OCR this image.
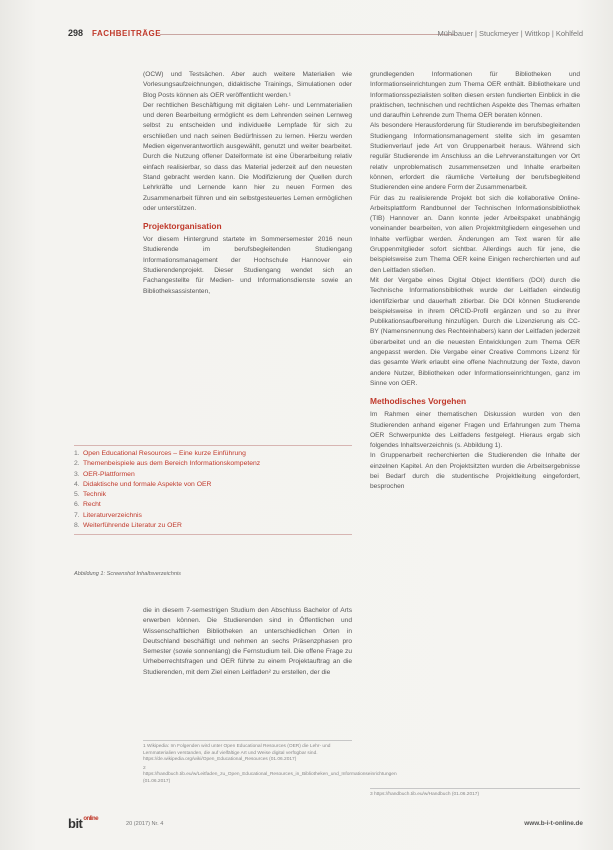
298 FACHBEITRÄGE	Mühlbauer | Stuckmeyer | Wittkop | Kohlfeld

(OCW) und Testsächen. Aber auch weitere Materialien wie Vorlesungsaufzeichnungen, didaktische Trainings, Simulationen oder Blog Posts können als OER veröffentlicht werden.¹

Der rechtlichen Beschäftigung mit digitalen Lehr- und Lernmaterialien und deren Bearbeitung ermöglicht es dem Lehrenden seinen Lernweg selbst zu entscheiden und individuelle Lernpfade für sich zu erschließen und nach seinen Bedürfnissen zu lernen. Hierzu werden Medien eigenverantwortlich ausgewählt, genutzt und weiter bearbeitet. Durch die Nutzung offener Dateiformate ist eine Überarbeitung relativ einfach realisierbar, so dass das Material jederzeit auf den neuesten Stand gebracht werden kann. Die Modifizierung der Quellen durch Lehrkräfte und Lernende kann hier zu neuen Formen des Zusammenarbeit führen und ein selbstgesteuertes Lernen ermöglichen oder unterstützen.

Projektorganisation

Vor diesem Hintergrund startete im Sommersemester 2016 neun Studierende im berufsbegleitenden Studiengang Informationsmanagement der Hochschule Hannover ein Studierendenprojekt. Dieser Studiengang wendet sich an Fachangestellte für Medien- und Informationsdienste sowie an Bibliotheksassistenten,

1. Open Educational Resources – Eine kurze Einführung
2. Themenbeispiele aus dem Bereich Informationskompetenz
3. OER-Plattformen
4. Didaktische und formale Aspekte von OER
5. Technik
6. Recht
7. Literaturverzeichnis
8. Weiterführende Literatur zu OER
Abbildung 1: Screenshot Inhaltsverzeichnis

die in diesem 7-semestrigen Studium den Abschluss Bachelor of Arts erwerben können. Die Studierenden sind in Öffentlichen und Wissenschaftlichen Bibliotheken an unterschiedlichen Orten in Deutschland beschäftigt und nehmen an sechs Präsenzphasen pro Semester (sowie sonnenlang) die Fernstudium teil. Die offene Frage zu Urheberrechtsfragen und OER führte zu einem Projektauftrag an die Studierenden, mit dem Ziel einen Leitfaden² zu erstellen, der die

1 Wikipedia: Im Folgenden wird unter Open Educational Resources (OER) die Lehr- und Lernmaterialien verstanden, die auf vielfältige Art und Weise digital verfügbar sind. https://de.wikipedia.org/wiki/Open_Educational_Resources (01.06.2017)

2 https://handbuch.tib.eu/w/Leitfaden_zu_Open_Educational_Resources_in_Bibliotheken_und_Informationseinrichtungen (01.06.2017)

grundlegenden Informationen für Bibliotheken und Informationseinrichtungen zum Thema OER enthält. Bibliothekare und Informationsspezialisten sollten diesen ersten fundierten Einblick in die praktischen, technischen und rechtlichen Aspekte des Themas erhalten und daraufhin Lehrende zum Thema OER beraten können.

Als besondere Herausforderung für Studierende im berufsbegleitenden Studiengang Informationsmanagement stellte sich im gesamten Studienverlauf jede Art von Gruppenarbeit heraus. Während sich regulär Studierende im Anschluss an die Lehrveranstaltungen vor Ort relativ unproblematisch zusammensetzen und Inhalte erarbeiten können, erfordert die räumliche Verteilung der berufsbegleitend Studierenden eine andere Form der Zusammenarbeit.

Für das zu realisierende Projekt bot sich die kollaborative Online-Arbeitsplattform Randbunnel der Technischen Informationsbibliothek (TIB) Hannover an. Dann konnte jeder Arbeitspaket unabhängig voneinander bearbeiten, von allen Projektmitgliedern eingesehen und Inhalte verfügbar werden. Änderungen am Text waren für alle Gruppenmitglieder sofort sichtbar. Allerdings auch für jene, die beispielsweise zum Thema OER keine Einigen recherchierten und auf den Leitfaden stießen.

Mit der Vergabe eines Digital Object Identifiers (DOI) durch die Technische Informationsbibliothek wurde der Leitfaden eindeutig identifizierbar und dauerhaft zitierbar. Die DOI können Studierende beispielsweise in ihrem ORCID-Profil ergänzen und so zu ihrer Publikationsaufbereitung hinzufügen. Durch die Lizenzierung als CC-BY (Namensnennung des Rechteinhabers) kann der Leitfaden jederzeit überarbeitet und an die neuesten Entwicklungen zum Thema OER angepasst werden. Die Vergabe einer Creative Commons Lizenz für das gesamte Werk erlaubt eine offene Nachnutzung der Texte, davon andere Nutzer, Bibliotheken oder Informationseinrichtungen, ganz im Sinne von OER.

Methodisches Vorgehen

Im Rahmen einer thematischen Diskussion wurden von den Studierenden anhand eigener Fragen und Erfahrungen zum Thema OER Schwerpunkte des Leitfadens festgelegt. Hieraus ergab sich folgendes Inhaltsverzeichnis (s. Abbildung 1).

In Gruppenarbeit recherchierten die Studierenden die Inhalte der einzelnen Kapitel. An den Projektsitzten wurden die Arbeitsergebnisse bei Bedarf durch die studentische Projektleitung eingefordert, besprochen

3 https://handbuch.tib.eu/w/Handbuch (01.06.2017)

bit$^{online}$
20 (2017) Nr. 4	www.b-i-t-online.de
